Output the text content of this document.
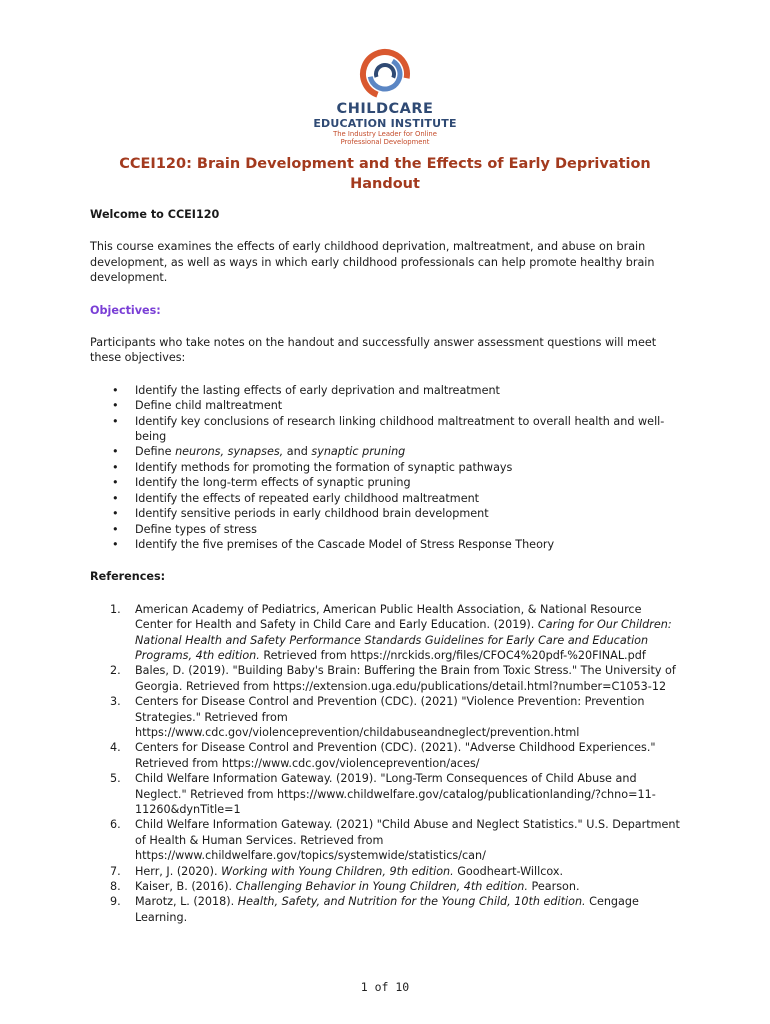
CHILDCARE
EDUCATION INSTITUTE
The Industry Leader for Online
Professional Development
CCEI120: Brain Development and the Effects of Early Deprivation
Handout

Welcome to CCEI120

This course examines the effects of early childhood deprivation, maltreatment, and abuse on brain development, as well as ways in which early childhood professionals can help promote healthy brain development.

Objectives:

Participants who take notes on the handout and successfully answer assessment questions will meet these objectives:

• Identify the lasting effects of early deprivation and maltreatment
• Define child maltreatment
• Identify key conclusions of research linking childhood maltreatment to overall health and well-being
• Define neurons, synapses, and synaptic pruning
• Identify methods for promoting the formation of synaptic pathways
• Identify the long-term effects of synaptic pruning
• Identify the effects of repeated early childhood maltreatment
• Identify sensitive periods in early childhood brain development
• Define types of stress
• Identify the five premises of the Cascade Model of Stress Response Theory

References:

1. American Academy of Pediatrics, American Public Health Association, & National Resource Center for Health and Safety in Child Care and Early Education. (2019). Caring for Our Children: National Health and Safety Performance Standards Guidelines for Early Care and Education Programs, 4th edition. Retrieved from https://nrckids.org/files/CFOC4%20pdf-%20FINAL.pdf
2. Bales, D. (2019). "Building Baby's Brain: Buffering the Brain from Toxic Stress." The University of Georgia. Retrieved from https://extension.uga.edu/publications/detail.html?number=C1053-12
3. Centers for Disease Control and Prevention (CDC). (2021) "Violence Prevention: Prevention Strategies." Retrieved from https://www.cdc.gov/violenceprevention/childabuseandneglect/prevention.html
4. Centers for Disease Control and Prevention (CDC). (2021). "Adverse Childhood Experiences." Retrieved from https://www.cdc.gov/violenceprevention/aces/
5. Child Welfare Information Gateway. (2019). "Long-Term Consequences of Child Abuse and Neglect." Retrieved from https://www.childwelfare.gov/catalog/publicationlanding/?chno=11-11260&dynTitle=1
6. Child Welfare Information Gateway. (2021) "Child Abuse and Neglect Statistics." U.S. Department of Health & Human Services. Retrieved from https://www.childwelfare.gov/topics/systemwide/statistics/can/
7. Herr, J. (2020). Working with Young Children, 9th edition. Goodheart-Willcox.
8. Kaiser, B. (2016). Challenging Behavior in Young Children, 4th edition. Pearson.
9. Marotz, L. (2018). Health, Safety, and Nutrition for the Young Child, 10th edition. Cengage Learning.
1 of 10
